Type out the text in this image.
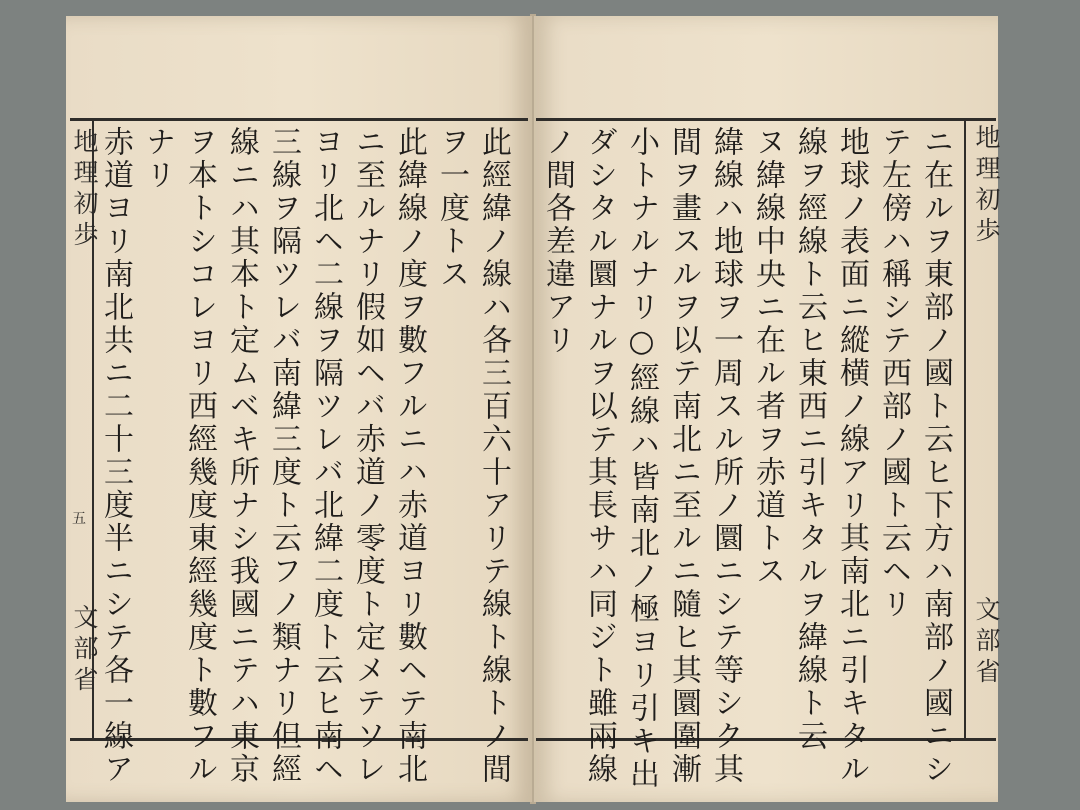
地理初歩
五
文部省	此經緯ノ線ハ各三百六十アリテ線ト線トノ間
ヲ一度トス
此緯線ノ度ヲ數フルニハ赤道ヨリ數ヘテ南北
ニ至ルナリ假如ヘバ赤道ノ零度ト定メテソレ
ヨリ北ヘ二線ヲ隔ツレバ北緯二度ト云ヒ南ヘ
三線ヲ隔ツレバ南緯三度ト云フノ類ナリ但經
線ニハ其本ト定ムベキ所ナシ我國ニテハ東京
ヲ本トシコレヨリ西經幾度東經幾度ト數フル
ナリ
赤道ヨリ南北共ニ二十三度半ニシテ各一線ア	地理初歩
文部省
ニ在ルヲ東部ノ國ト云ヒ下方ハ南部ノ國ニシ
テ左傍ハ稱シテ西部ノ國ト云ヘリ
地球ノ表面ニ縱横ノ線アリ其南北ニ引キタル
線ヲ經線ト云ヒ東西ニ引キタルヲ緯線ト云
ヌ緯線中央ニ在ル者ヲ赤道トス
緯線ハ地球ヲ一周スル所ノ圜ニシテ等シク其
間ヲ畫スルヲ以テ南北ニ至ルニ隨ヒ其圜圍漸
小トナルナリ○經線ハ皆南北ノ極ヨリ引キ出
ダシタル圜ナルヲ以テ其長サハ同ジト雖兩線
ノ間各差違アリ
